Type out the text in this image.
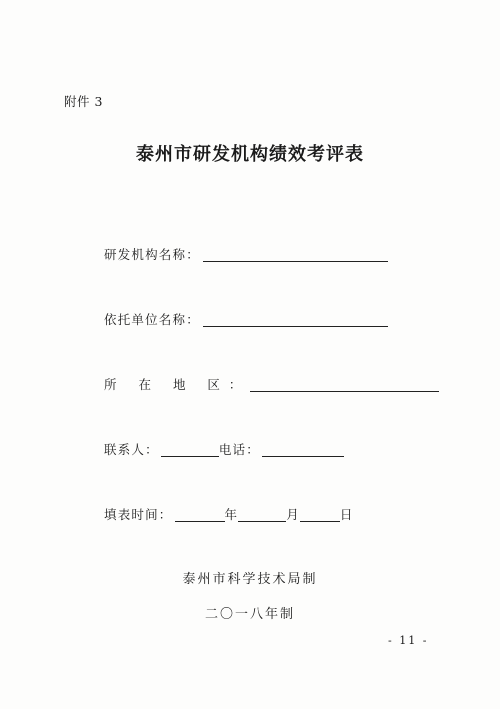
附件 3
泰州市研发机构绩效考评表
研发机构名称：
依托单位名称：
所 在 地 区：
联系人：	电话：
填表时间：	年	月	日
泰州市科学技术局制
二〇一八年制
- 11 -
